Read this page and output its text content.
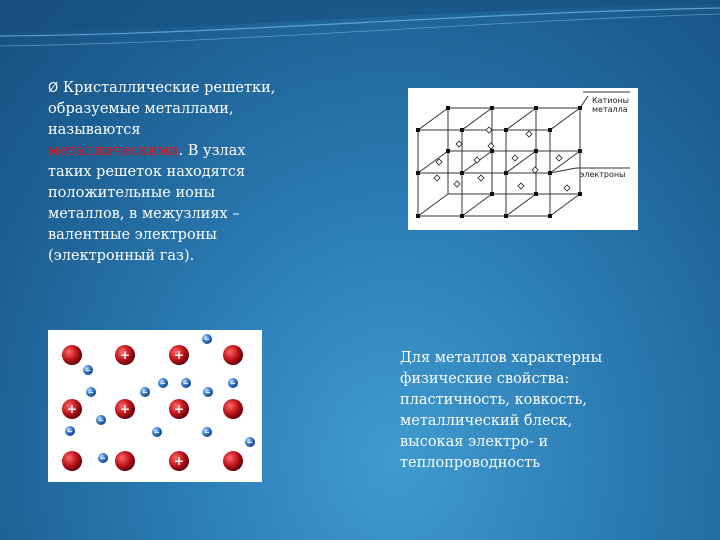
Ø Кристаллические решетки, образуемые металлами, называются металлическими. В узлах таких решеток находятся положительные ионы металлов, в межузлиях – валентные электроны (электронный газ).
Катионы металла
электроны
+	+
+	+	+
+
−
−
−
−	−
−	−	−
−
−	−	−
−
−
Для металлов характерны физические свойства: пластичность, ковкость, металлический блеск, высокая электро- и теплопроводность
